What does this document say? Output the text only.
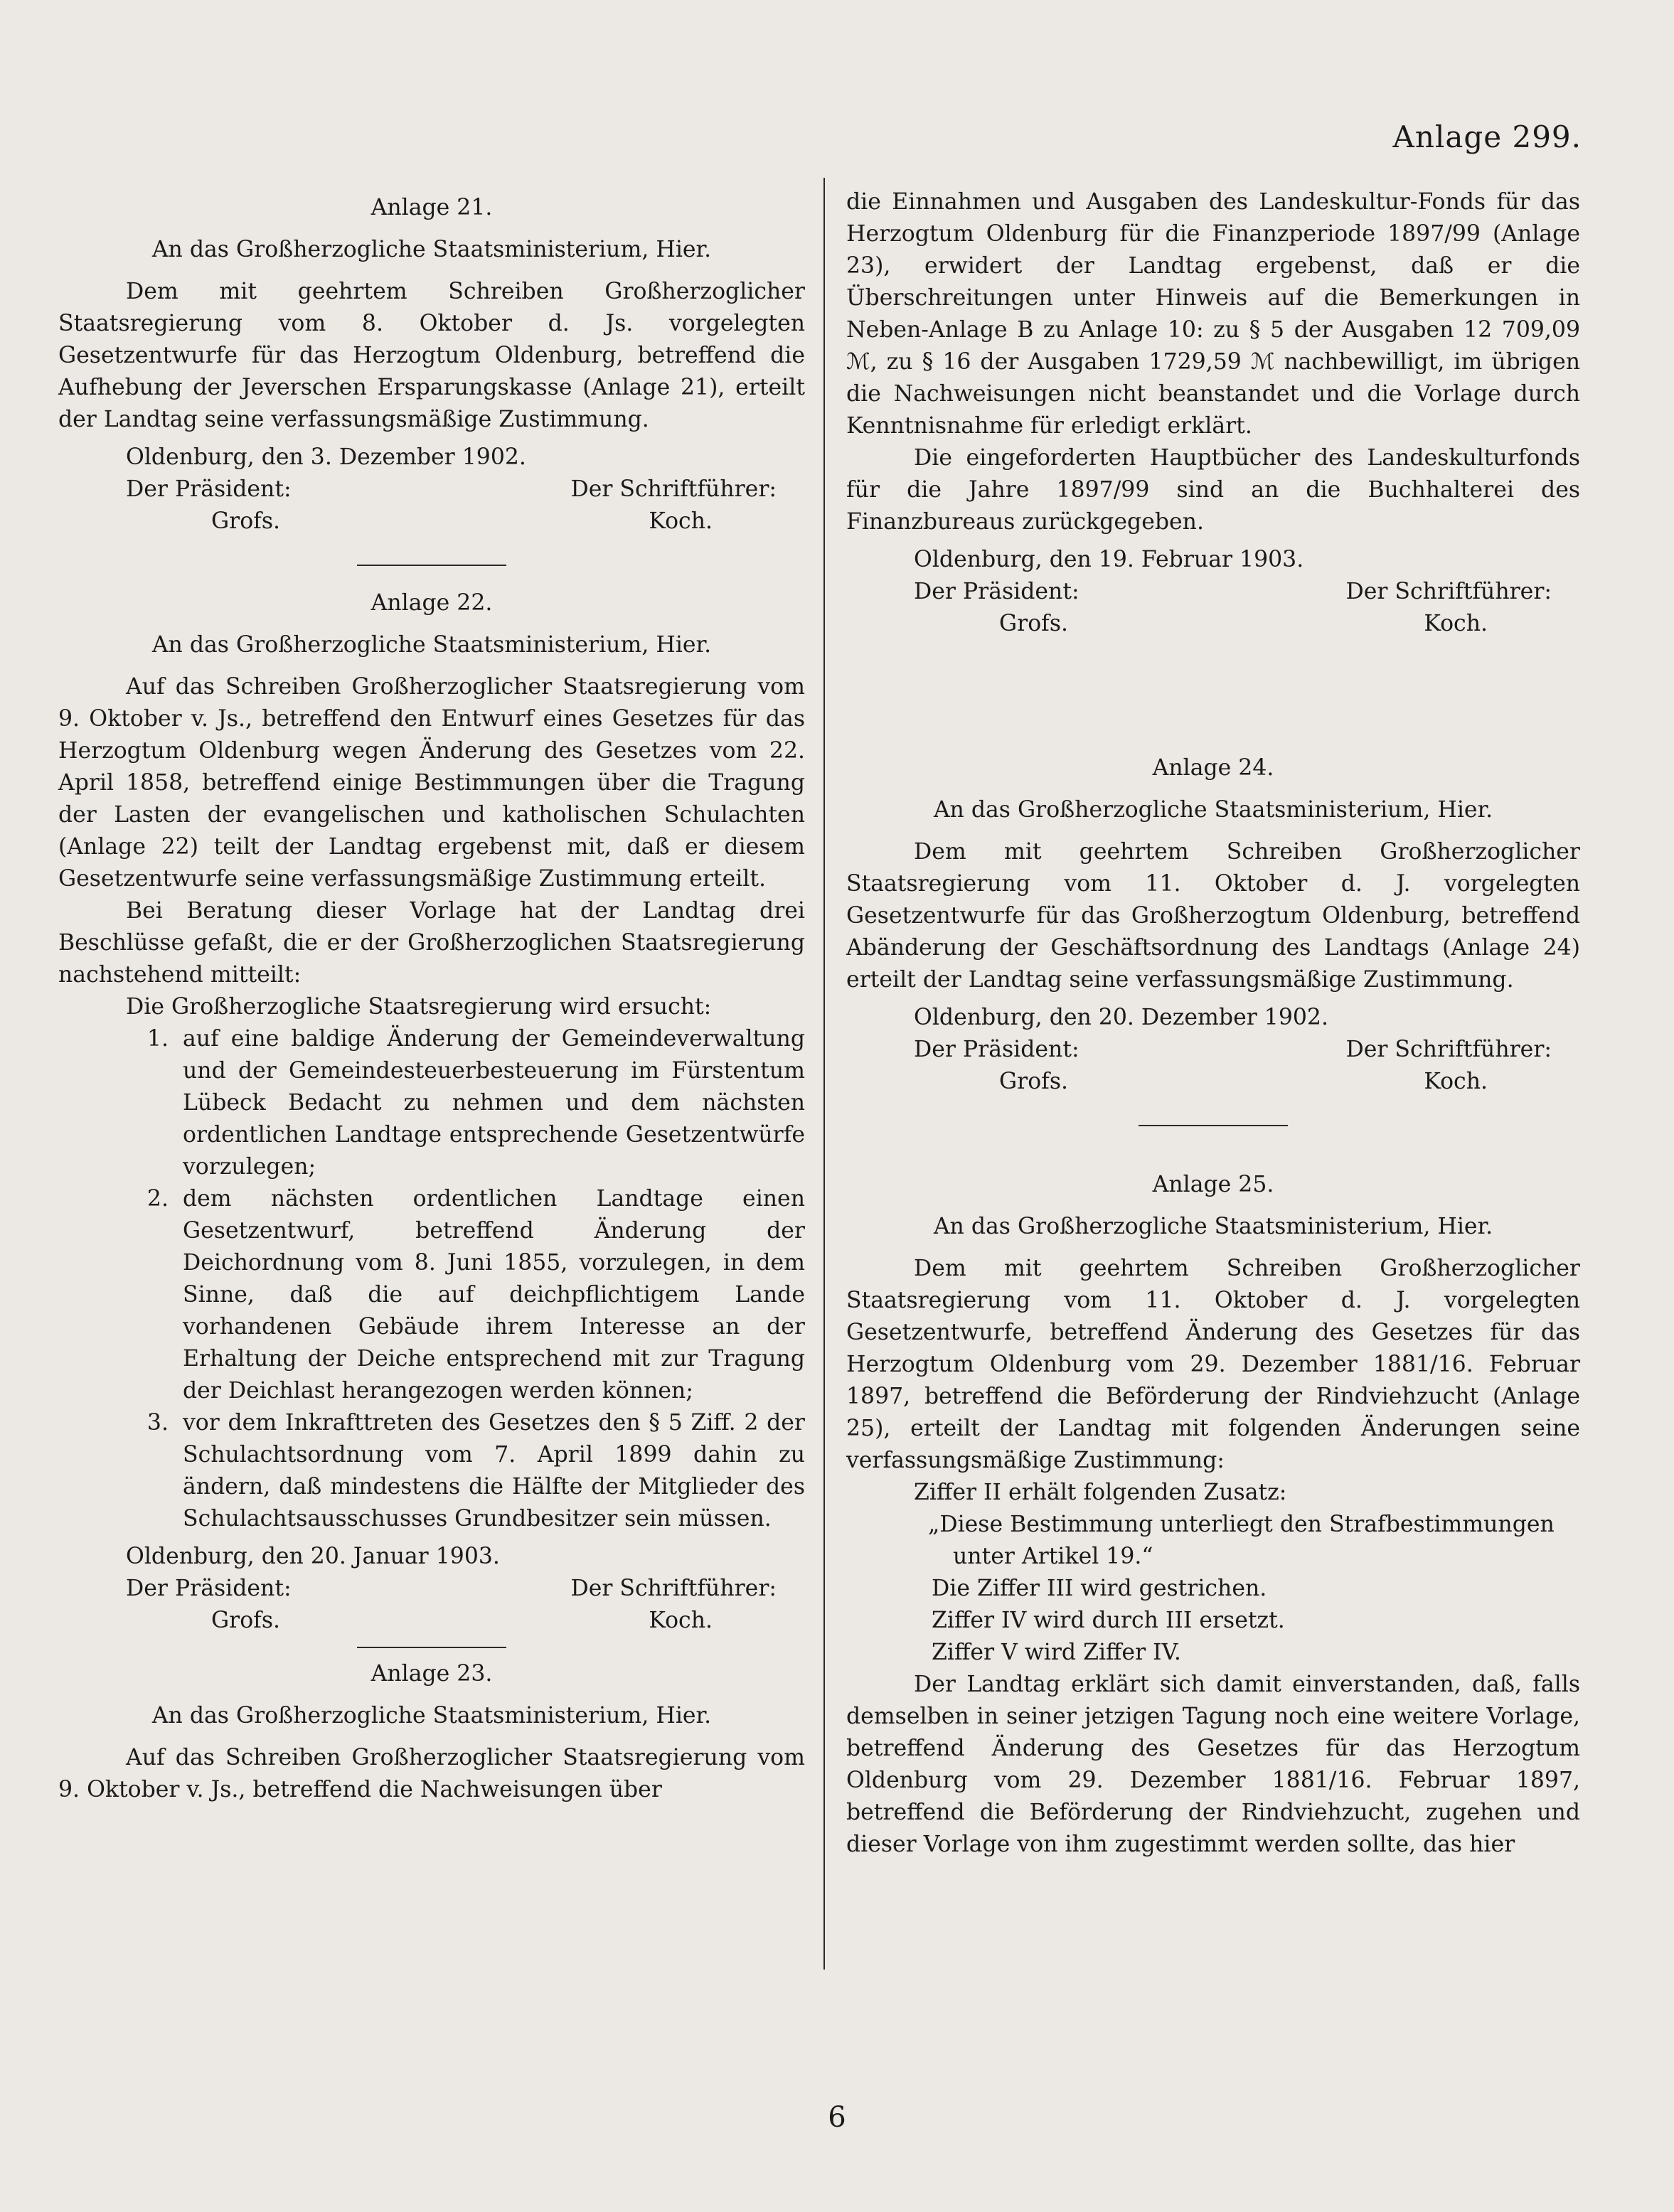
Anlage 299.
Anlage 21.
An das Großherzogliche Staatsministerium, Hier.

Dem mit geehrtem Schreiben Großherzoglicher Staatsregierung vom 8. Oktober d. Js. vorgelegten Gesetzentwurfe für das Herzogtum Oldenburg, betreffend die Aufhebung der Jeverschen Ersparungskasse (Anlage 21), erteilt der Landtag seine verfassungsmäßige Zustimmung.

Oldenburg, den 3. Dezember 1902.
Der Präsident:	Der Schriftführer:
Grofs.	Koch.
Anlage 22.
An das Großherzogliche Staatsministerium, Hier.

Auf das Schreiben Großherzoglicher Staatsregierung vom 9. Oktober v. Js., betreffend den Entwurf eines Gesetzes für das Herzogtum Oldenburg wegen Änderung des Gesetzes vom 22. April 1858, betreffend einige Bestimmungen über die Tragung der Lasten der evangelischen und katholischen Schulachten (Anlage 22) teilt der Landtag ergebenst mit, daß er diesem Gesetzentwurfe seine verfassungsmäßige Zustimmung erteilt.

Bei Beratung dieser Vorlage hat der Landtag drei Beschlüsse gefaßt, die er der Großherzoglichen Staatsregierung nachstehend mitteilt:

Die Großherzogliche Staatsregierung wird ersucht:

1. auf eine baldige Änderung der Gemeindeverwaltung und der Gemeindesteuerbesteuerung im Fürstentum Lübeck Bedacht zu nehmen und dem nächsten ordentlichen Landtage entsprechende Gesetzentwürfe vorzulegen;
2. dem nächsten ordentlichen Landtage einen Gesetzentwurf, betreffend Änderung der Deichordnung vom 8. Juni 1855, vorzulegen, in dem Sinne, daß die auf deichpflichtigem Lande vorhandenen Gebäude ihrem Interesse an der Erhaltung der Deiche entsprechend mit zur Tragung der Deichlast herangezogen werden können;
3. vor dem Inkrafttreten des Gesetzes den § 5 Ziff. 2 der Schulachtsordnung vom 7. April 1899 dahin zu ändern, daß mindestens die Hälfte der Mitglieder des Schulachtsausschusses Grundbesitzer sein müssen.
Oldenburg, den 20. Januar 1903.
Der Präsident:	Der Schriftführer:
Grofs.	Koch.
Anlage 23.
An das Großherzogliche Staatsministerium, Hier.

Auf das Schreiben Großherzoglicher Staatsregierung vom 9. Oktober v. Js., betreffend die Nachweisungen über

die Einnahmen und Ausgaben des Landeskultur-Fonds für das Herzogtum Oldenburg für die Finanzperiode 1897/99 (Anlage 23), erwidert der Landtag ergebenst, daß er die Überschreitungen unter Hinweis auf die Bemerkungen in Neben-Anlage B zu Anlage 10: zu § 5 der Ausgaben 12 709,09 ℳ, zu § 16 der Ausgaben 1729,59 ℳ nachbewilligt, im übrigen die Nachweisungen nicht beanstandet und die Vorlage durch Kenntnisnahme für erledigt erklärt.

Die eingeforderten Hauptbücher des Landeskulturfonds für die Jahre 1897/99 sind an die Buchhalterei des Finanzbureaus zurückgegeben.

Oldenburg, den 19. Februar 1903.
Der Präsident:	Der Schriftführer:
Grofs.	Koch.
Anlage 24.
An das Großherzogliche Staatsministerium, Hier.

Dem mit geehrtem Schreiben Großherzoglicher Staatsregierung vom 11. Oktober d. J. vorgelegten Gesetzentwurfe für das Großherzogtum Oldenburg, betreffend Abänderung der Geschäftsordnung des Landtags (Anlage 24) erteilt der Landtag seine verfassungsmäßige Zustimmung.

Oldenburg, den 20. Dezember 1902.
Der Präsident:	Der Schriftführer:
Grofs.	Koch.
Anlage 25.
An das Großherzogliche Staatsministerium, Hier.

Dem mit geehrtem Schreiben Großherzoglicher Staatsregierung vom 11. Oktober d. J. vorgelegten Gesetzentwurfe, betreffend Änderung des Gesetzes für das Herzogtum Oldenburg vom 29. Dezember 1881/16. Februar 1897, betreffend die Beförderung der Rindviehzucht (Anlage 25), erteilt der Landtag mit folgenden Änderungen seine verfassungsmäßige Zustimmung:

Ziffer II erhält folgenden Zusatz:
„Diese Bestimmung unterliegt den Strafbestimmungen
unter Artikel 19.“
Die Ziffer III wird gestrichen.
Ziffer IV wird durch III ersetzt.
Ziffer V wird Ziffer IV.

Der Landtag erklärt sich damit einverstanden, daß, falls demselben in seiner jetzigen Tagung noch eine weitere Vorlage, betreffend Änderung des Gesetzes für das Herzogtum Oldenburg vom 29. Dezember 1881/16. Februar 1897, betreffend die Beförderung der Rindviehzucht, zugehen und dieser Vorlage von ihm zugestimmt werden sollte, das hier

6
